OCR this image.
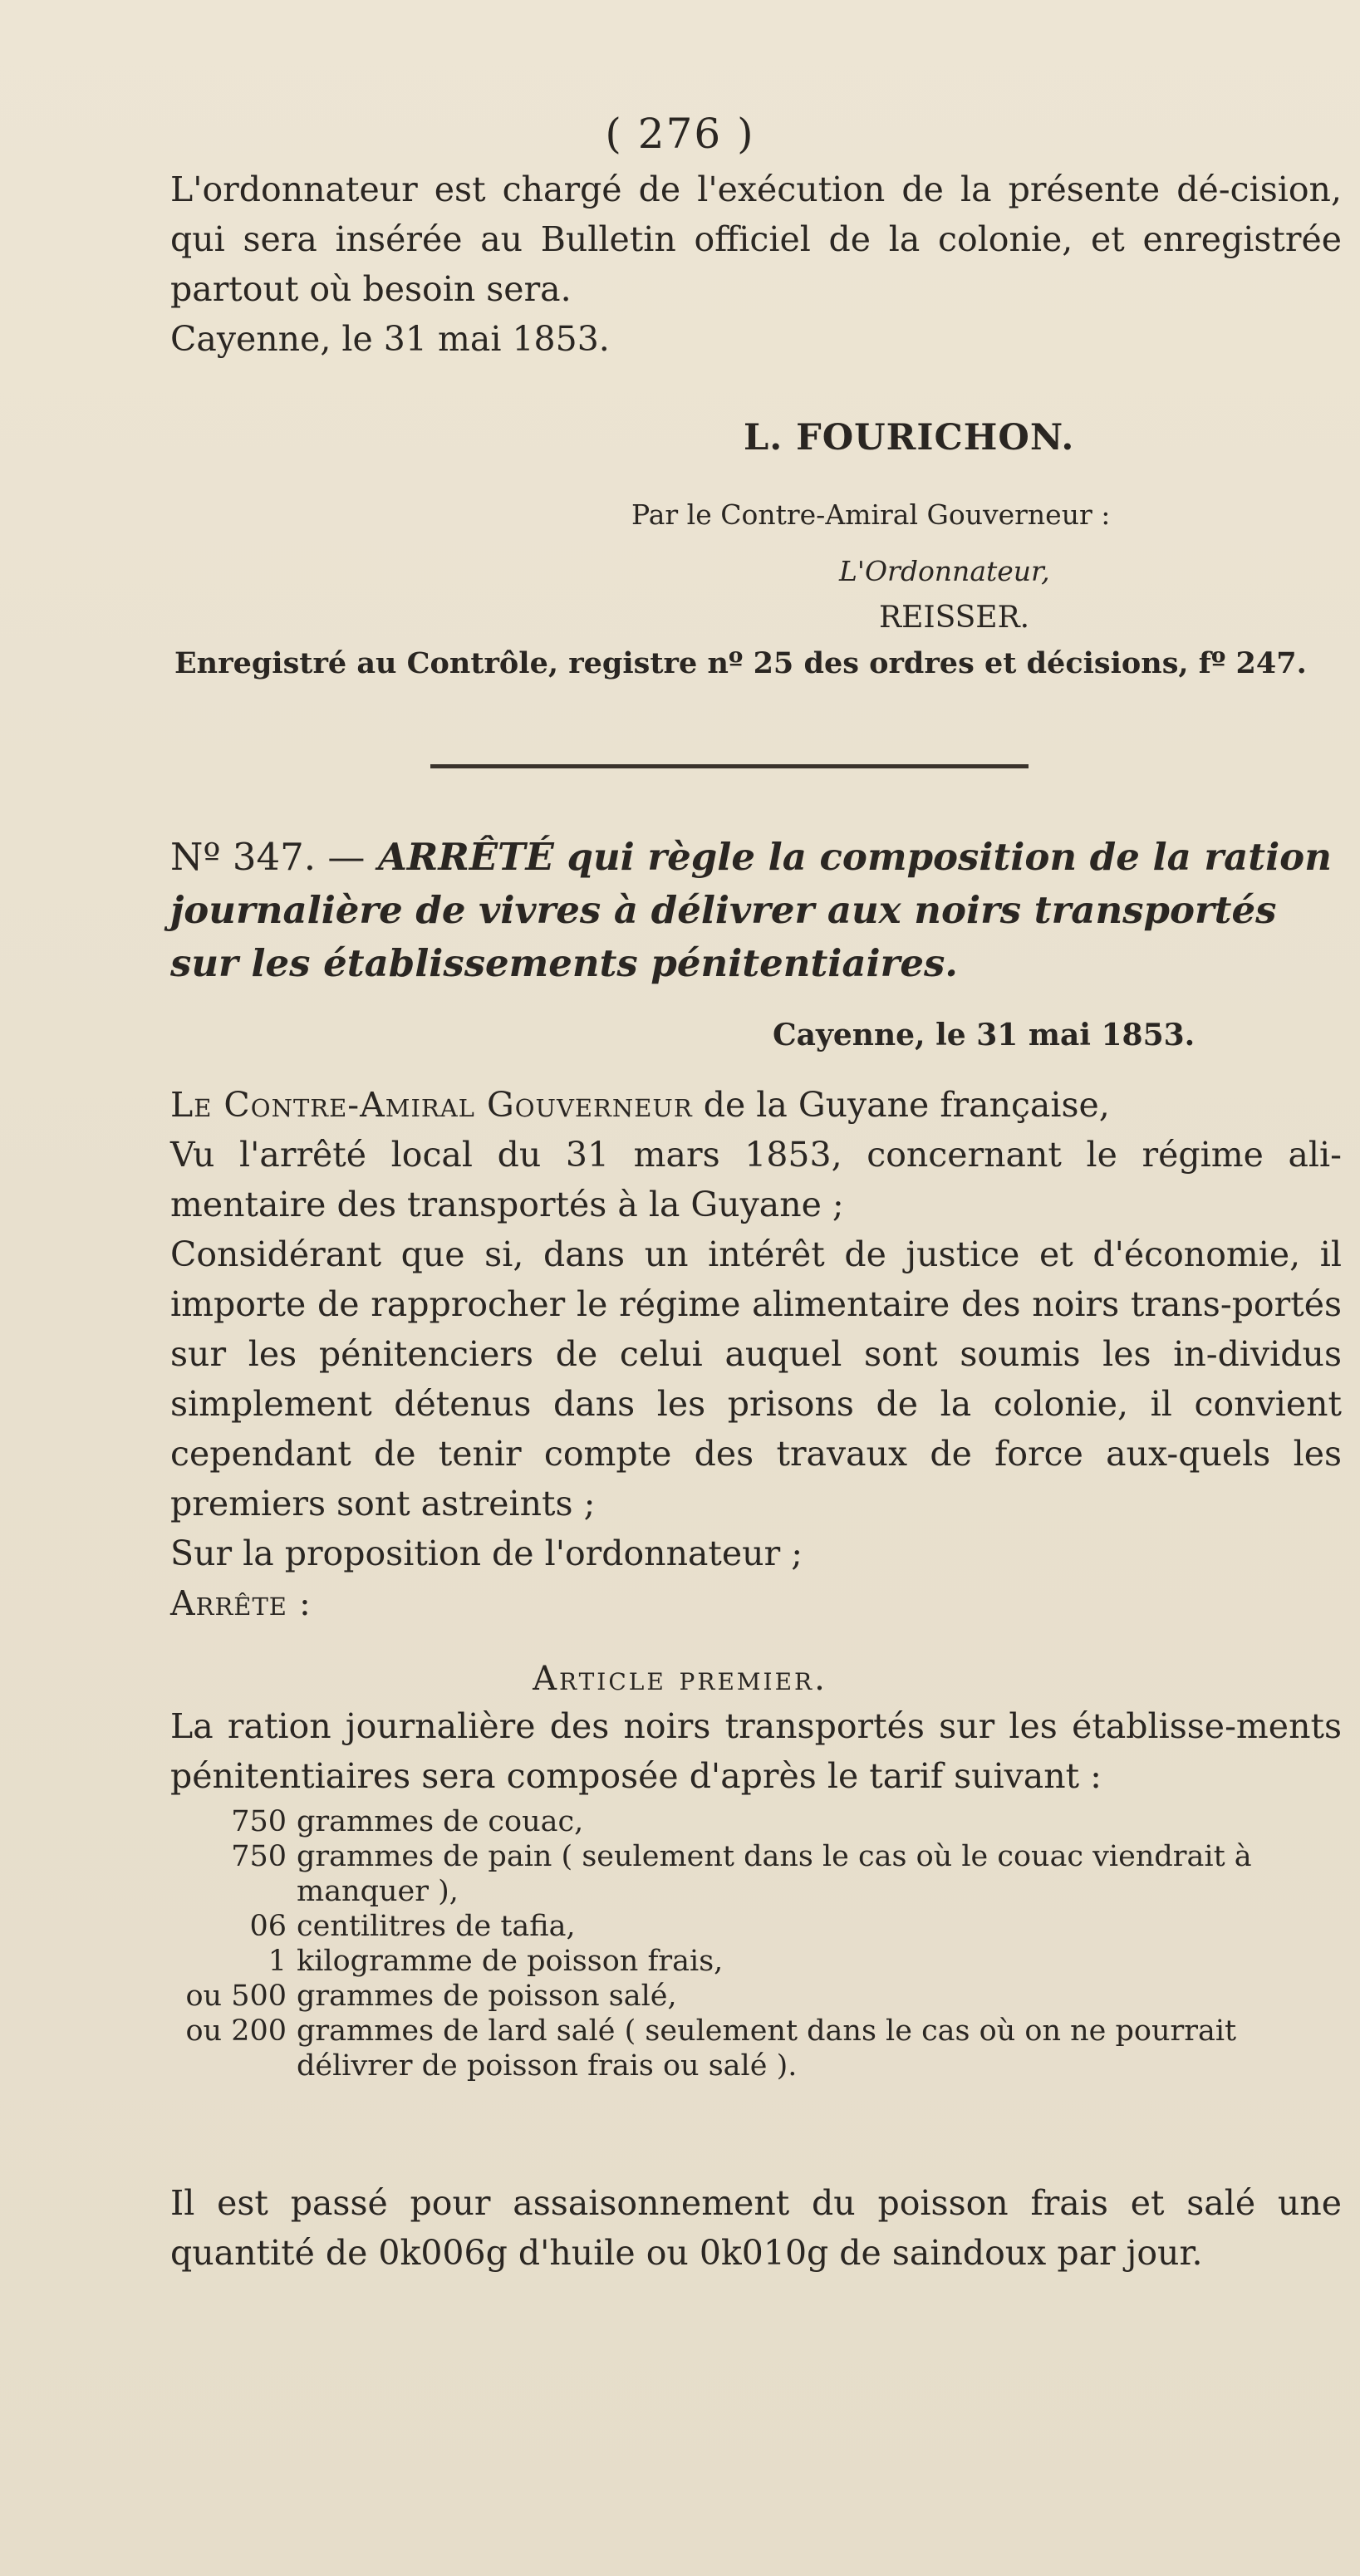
( 276 )

L'ordonnateur est chargé de l'exécution de la présente dé-cision, qui sera insérée au Bulletin officiel de la colonie, et enregistrée partout où besoin sera.

Cayenne, le 31 mai 1853.

L. FOURICHON.
Par le Contre-Amiral Gouverneur :
L'Ordonnateur,
REISSER.
Enregistré au Contrôle, registre nº 25 des ordres et décisions, fº 247.
Nº 347. — ARRÊTÉ qui règle la composition de la ration journalière de vivres à délivrer aux noirs transportés sur les établissements pénitentiaires.
Cayenne, le 31 mai 1853.

Le Contre-Amiral Gouverneur de la Guyane française,

Vu l'arrêté local du 31 mars 1853, concernant le régime ali-mentaire des transportés à la Guyane ;

Considérant que si, dans un intérêt de justice et d'économie, il importe de rapprocher le régime alimentaire des noirs trans-portés sur les pénitenciers de celui auquel sont soumis les in-dividus simplement détenus dans les prisons de la colonie, il convient cependant de tenir compte des travaux de force aux-quels les premiers sont astreints ;

Sur la proposition de l'ordonnateur ;

Arrête :

Article premier.

La ration journalière des noirs transportés sur les établisse-ments pénitentiaires sera composée d'après le tarif suivant :

750 grammes de couac,
750 grammes de pain ( seulement dans le cas où le couac viendrait à
manquer ),
06 centilitres de tafia,
1 kilogramme de poisson frais,
ou 500 grammes de poisson salé,
ou 200 grammes de lard salé ( seulement dans le cas où on ne pourrait
délivrer de poisson frais ou salé ).

Il est passé pour assaisonnement du poisson frais et salé une quantité de 0k006g d'huile ou 0k010g de saindoux par jour.
